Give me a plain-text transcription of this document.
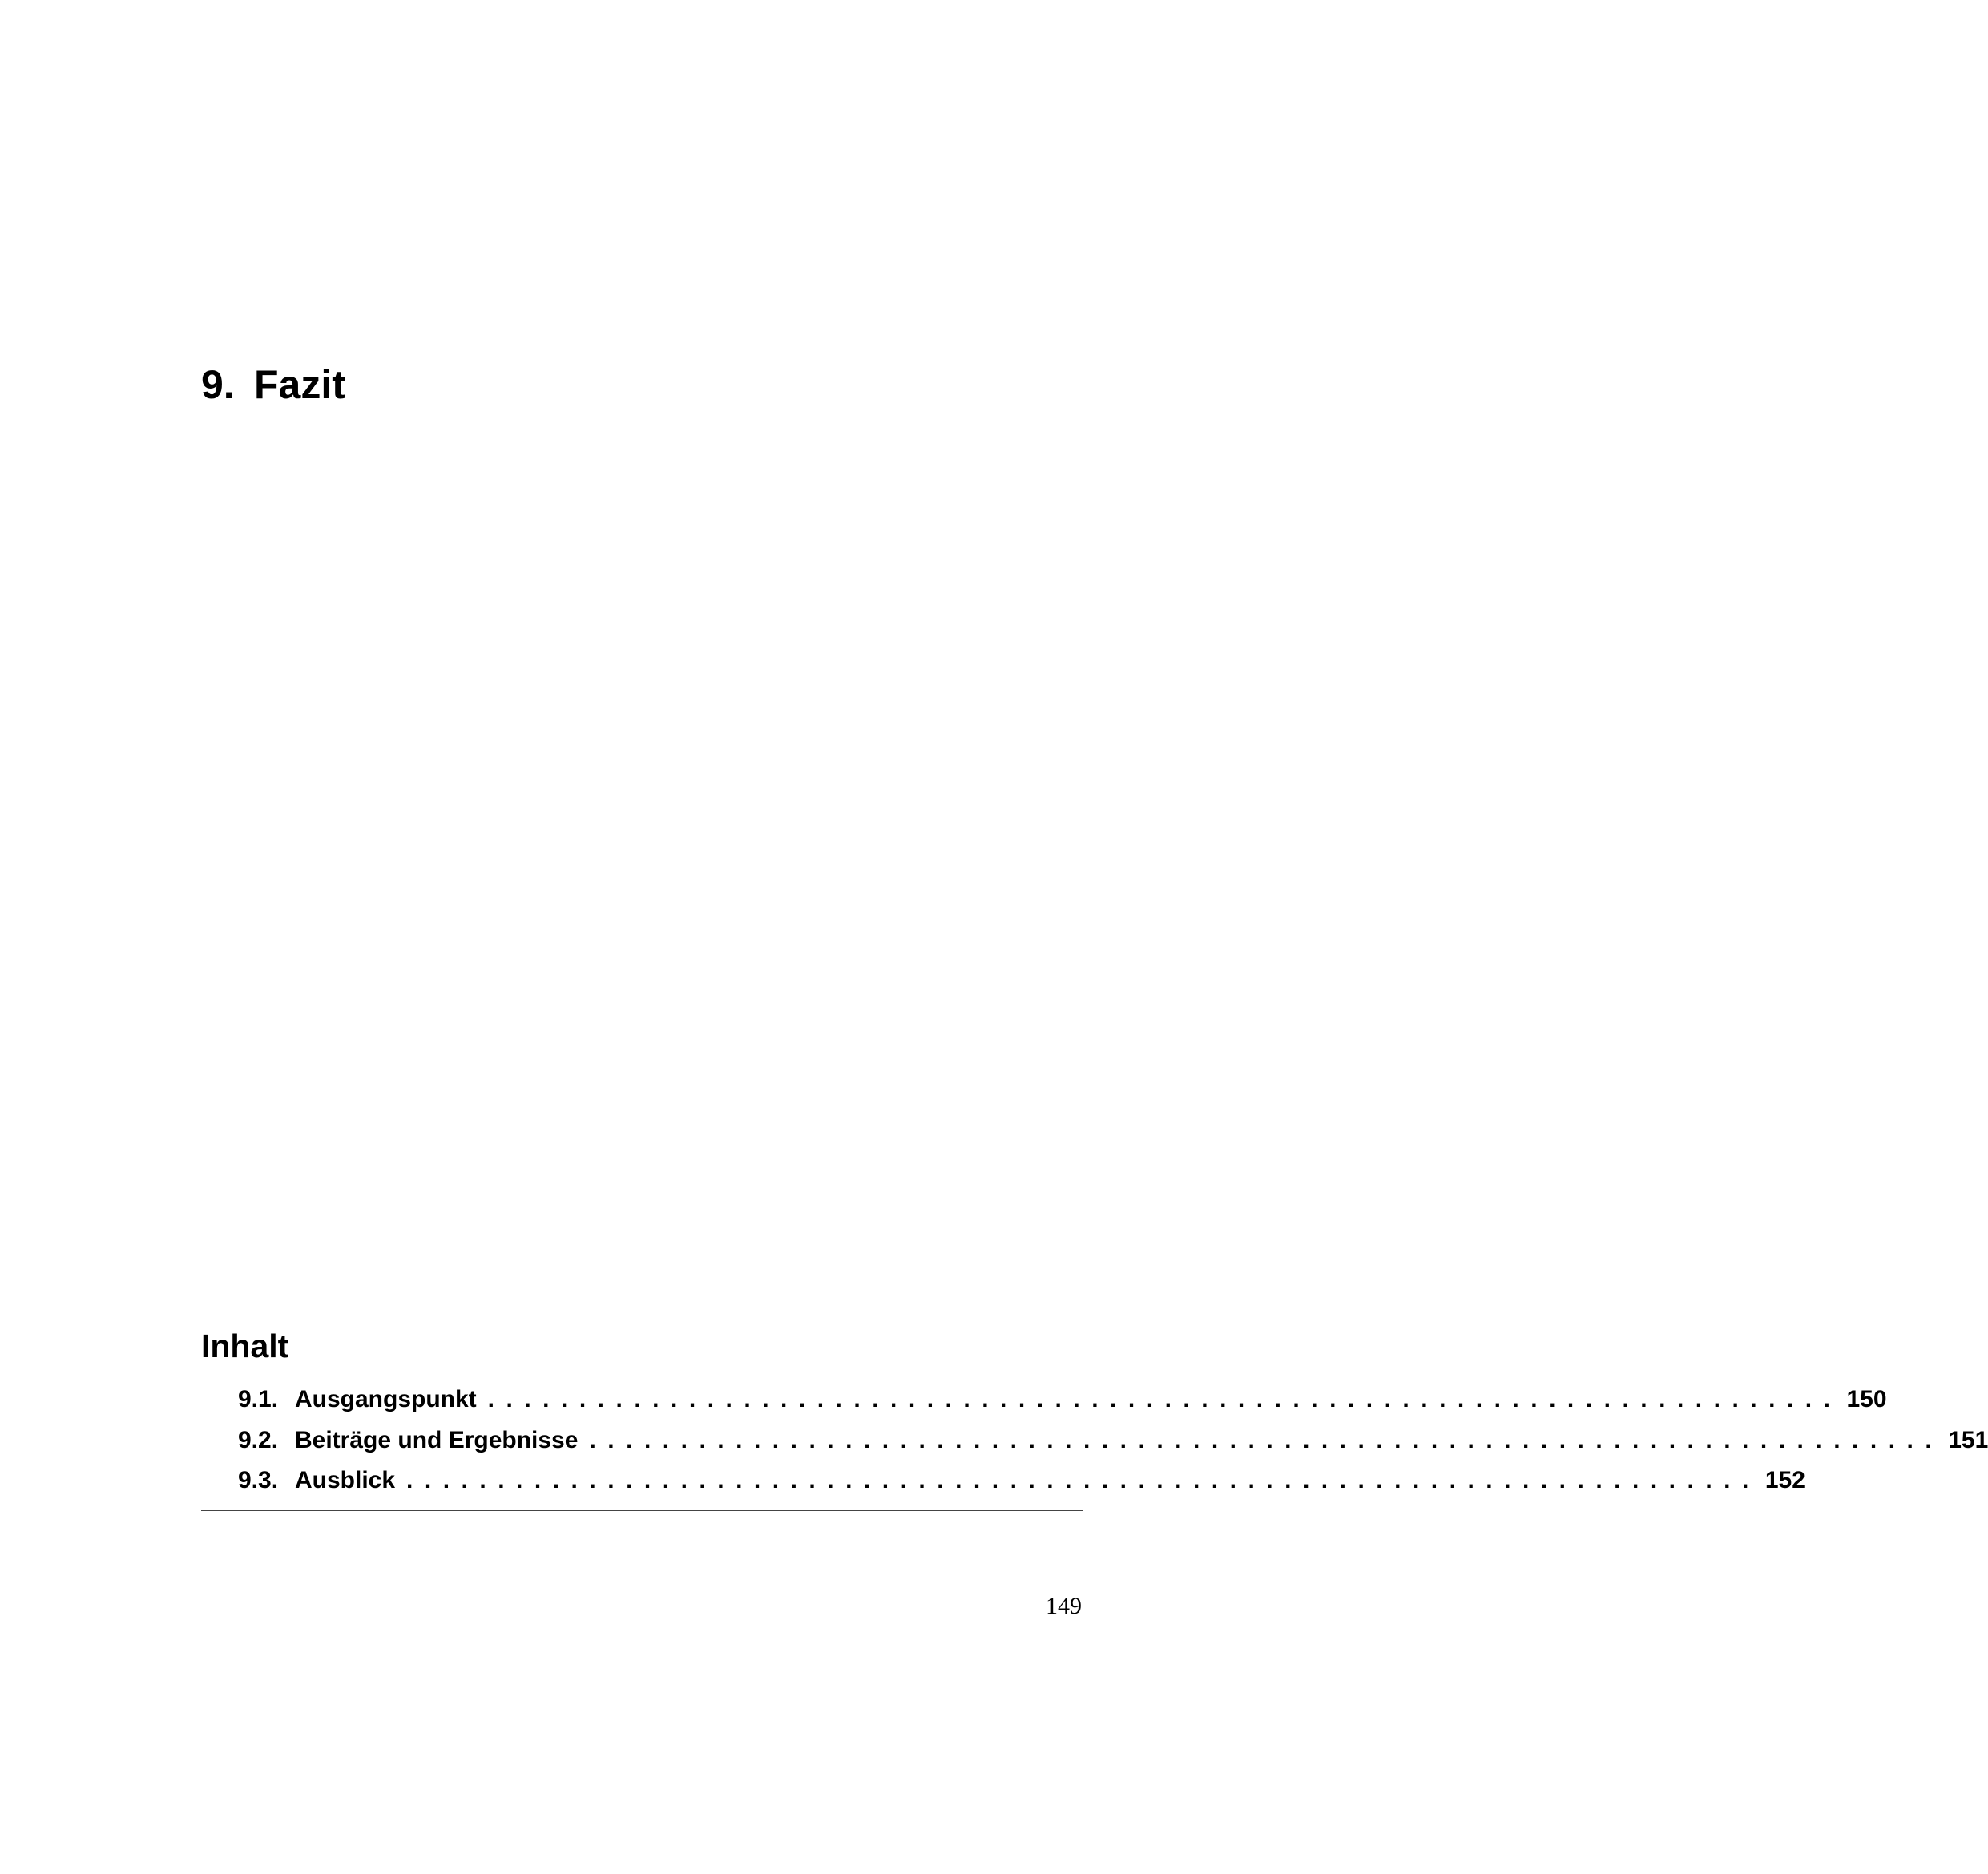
9. Fazit
Inhalt
9.1. Ausgangspunkt .......................................................................... 150
9.2. Beiträge und Ergebnisse .......................................................................... 151
9.3. Ausblick .......................................................................... 152
149
